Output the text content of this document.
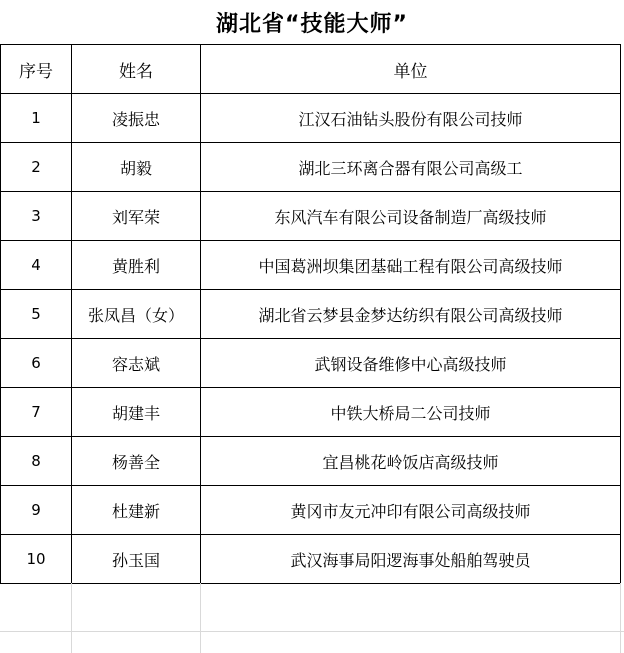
湖北省“技能大师”
序号	姓名	单位
1	凌振忠	江汉石油钻头股份有限公司技师
2	胡毅	湖北三环离合器有限公司高级工
3	刘军荣	东风汽车有限公司设备制造厂高级技师
4	黄胜利	中国葛洲坝集团基础工程有限公司高级技师
5	张凤昌（女）	湖北省云梦县金梦达纺织有限公司高级技师
6	容志斌	武钢设备维修中心高级技师
7	胡建丰	中铁大桥局二公司技师
8	杨善全	宜昌桃花岭饭店高级技师
9	杜建新	黄冈市友元冲印有限公司高级技师
10	孙玉国	武汉海事局阳逻海事处船舶驾驶员
